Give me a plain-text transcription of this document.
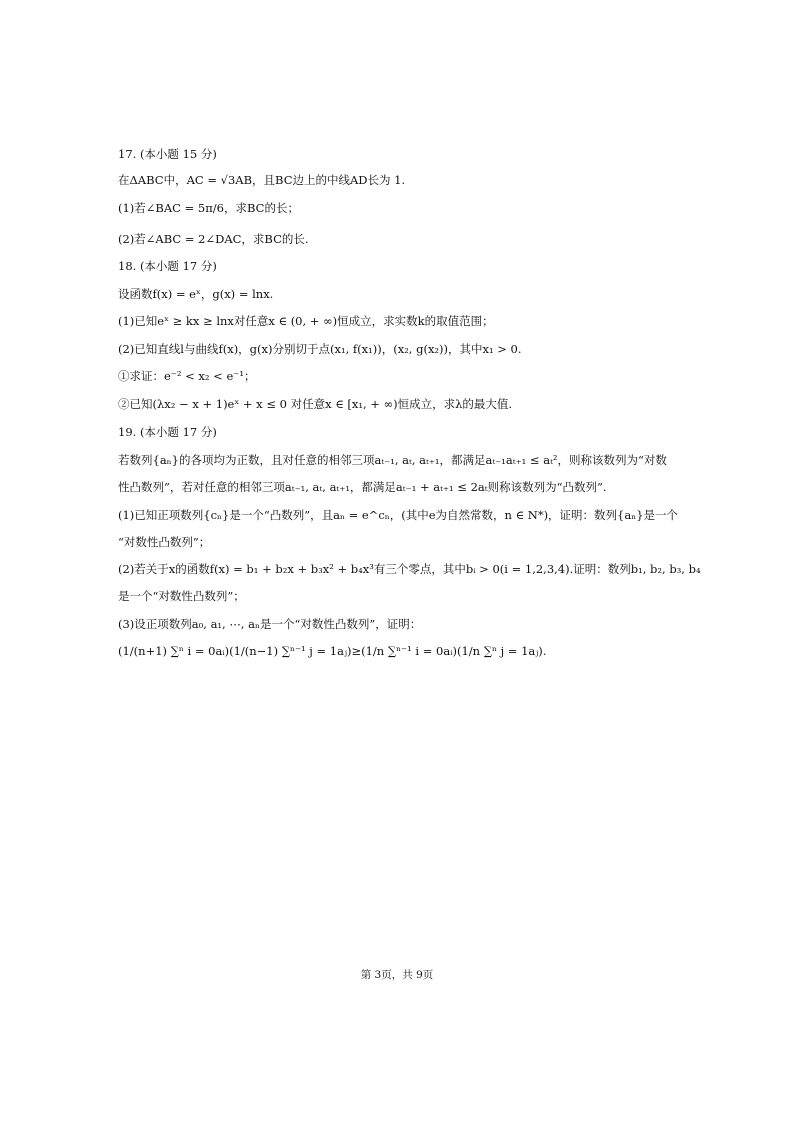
17. (本小题 15 分)
在ΔABC中，AC = √3AB，且BC边上的中线AD长为 1.
(1)若∠BAC = 5π/6，求BC的长；
(2)若∠ABC = 2∠DAC，求BC的长.
18. (本小题 17 分)
设函数f(x) = eˣ，g(x) = lnx.
(1)已知eˣ ≥ kx ≥ lnx对任意x ∈ (0, + ∞)恒成立，求实数k的取值范围；
(2)已知直线l与曲线f(x)，g(x)分别切于点(x₁, f(x₁))，(x₂, g(x₂))，其中x₁ > 0.
①求证：e⁻² < x₂ < e⁻¹；
②已知(λx₂ − x + 1)eˣ + x ≤ 0 对任意x ∈ [x₁, + ∞)恒成立，求λ的最大值.
19. (本小题 17 分)
若数列{aₙ}的各项均为正数，且对任意的相邻三项aₜ₋₁, aₜ, aₜ₊₁，都满足aₜ₋₁aₜ₊₁ ≤ aₜ²，则称该数列为“对数
性凸数列”，若对任意的相邻三项aₜ₋₁, aₜ, aₜ₊₁，都满足aₜ₋₁ + aₜ₊₁ ≤ 2aₜ则称该数列为“凸数列”.
(1)已知正项数列{cₙ}是一个“凸数列”，且aₙ = e^cₙ，(其中e为自然常数，n ∈ N*)，证明：数列{aₙ}是一个
“对数性凸数列”；
(2)若关于x的函数f(x) = b₁ + b₂x + b₃x² + b₄x³有三个零点，其中bᵢ > 0(i = 1,2,3,4).证明：数列b₁, b₂, b₃, b₄
是一个“对数性凸数列”；
(3)设正项数列a₀, a₁, ⋯, aₙ是一个“对数性凸数列”，证明：
(1/(n+1) ∑ⁿ i = 0aᵢ)(1/(n−1) ∑ⁿ⁻¹ j = 1aⱼ)≥(1/n ∑ⁿ⁻¹ i = 0aᵢ)(1/n ∑ⁿ j = 1aⱼ).
第 3页，共 9页
